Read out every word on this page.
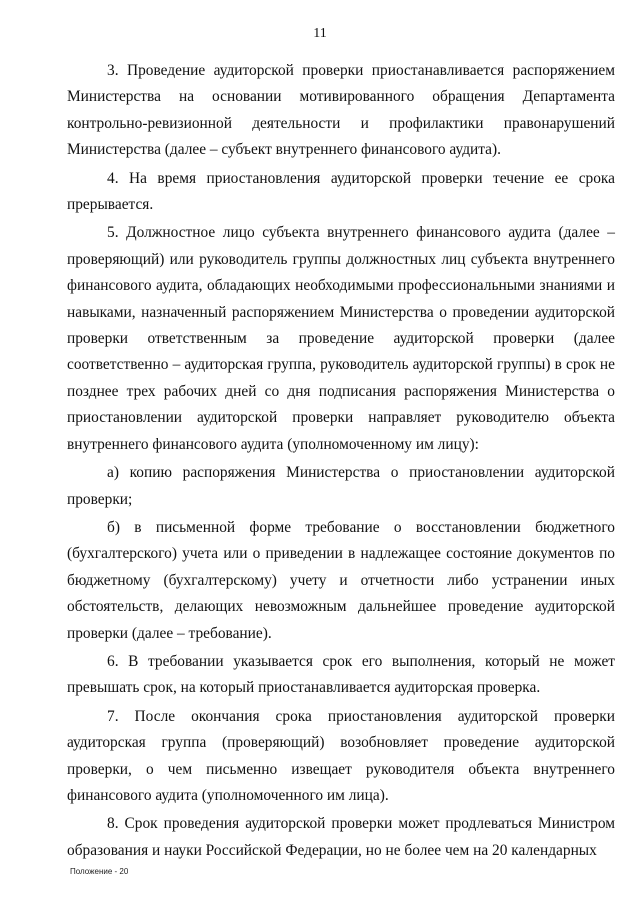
11

3. Проведение аудиторской проверки приостанавливается распоряжением Министерства на основании мотивированного обращения Департамента контрольно-ревизионной деятельности и профилактики правонарушений Министерства (далее – субъект внутреннего финансового аудита).

4. На время приостановления аудиторской проверки течение ее срока прерывается.

5. Должностное лицо субъекта внутреннего финансового аудита (далее – проверяющий) или руководитель группы должностных лиц субъекта внутреннего финансового аудита, обладающих необходимыми профессиональными знаниями и навыками, назначенный распоряжением Министерства о проведении аудиторской проверки ответственным за проведение аудиторской проверки (далее соответственно – аудиторская группа, руководитель аудиторской группы) в срок не позднее трех рабочих дней со дня подписания распоряжения Министерства о приостановлении аудиторской проверки направляет руководителю объекта внутреннего финансового аудита (уполномоченному им лицу):

а) копию распоряжения Министерства о приостановлении аудиторской проверки;

б) в письменной форме требование о восстановлении бюджетного (бухгалтерского) учета или о приведении в надлежащее состояние документов по бюджетному (бухгалтерскому) учету и отчетности либо устранении иных обстоятельств, делающих невозможным дальнейшее проведение аудиторской проверки (далее – требование).

6. В требовании указывается срок его выполнения, который не может превышать срок, на который приостанавливается аудиторская проверка.

7. После окончания срока приостановления аудиторской проверки аудиторская группа (проверяющий) возобновляет проведение аудиторской проверки, о чем письменно извещает руководителя объекта внутреннего финансового аудита (уполномоченного им лица).

8. Срок проведения аудиторской проверки может продлеваться Министром образования и науки Российской Федерации, но не более чем на 20 календарных

Положение - 20
